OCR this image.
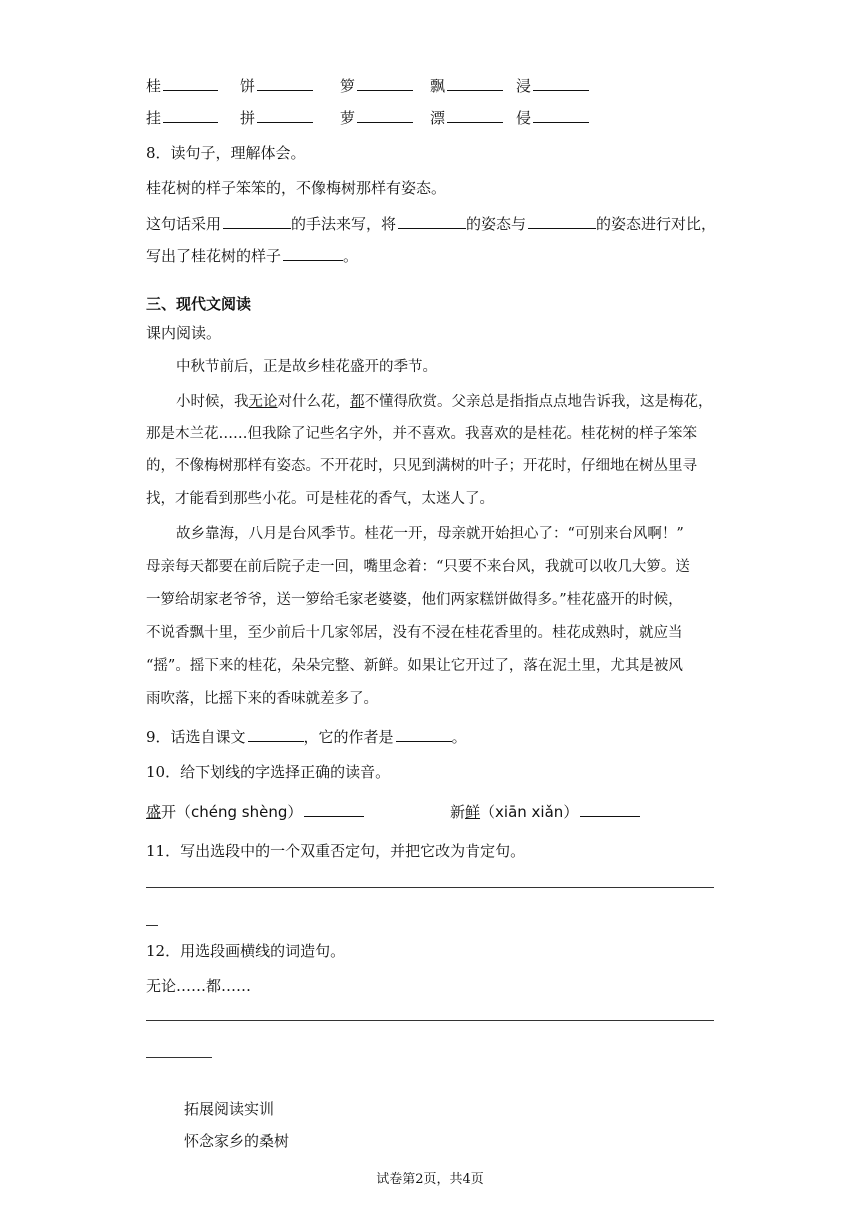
桂	饼	箩	飘	浸
挂	拼	萝	漂	侵
8．读句子，理解体会。
桂花树的样子笨笨的，不像梅树那样有姿态。
这句话采用	的手法来写，将	的姿态与	的姿态进行对比，
写出了桂花树的样子	。
三、现代文阅读
课内阅读。
中秋节前后，正是故乡桂花盛开的季节。
小时候，我无论对什么花，都不懂得欣赏。父亲总是指指点点地告诉我，这是梅花，
那是木兰花……但我除了记些名字外，并不喜欢。我喜欢的是桂花。桂花树的样子笨笨
的，不像梅树那样有姿态。不开花时，只见到满树的叶子；开花时，仔细地在树丛里寻
找，才能看到那些小花。可是桂花的香气，太迷人了。
故乡靠海，八月是台风季节。桂花一开，母亲就开始担心了：“可别来台风啊！”
母亲每天都要在前后院子走一回，嘴里念着：“只要不来台风，我就可以收几大箩。送
一箩给胡家老爷爷，送一箩给毛家老婆婆，他们两家糕饼做得多。”桂花盛开的时候，
不说香飘十里，至少前后十几家邻居，没有不浸在桂花香里的。桂花成熟时，就应当
“摇”。摇下来的桂花，朵朵完整、新鲜。如果让它开过了，落在泥土里，尤其是被风
雨吹落，比摇下来的香味就差多了。
9．话选自课文	，它的作者是	。
10．给下划线的字选择正确的读音。
盛开（chéng shèng）	新鲜（xiān xiǎn）
11．写出选段中的一个双重否定句，并把它改为肯定句。
12．用选段画横线的词造句。
无论……都……
拓展阅读实训
怀念家乡的桑树
试卷第2页，共4页
